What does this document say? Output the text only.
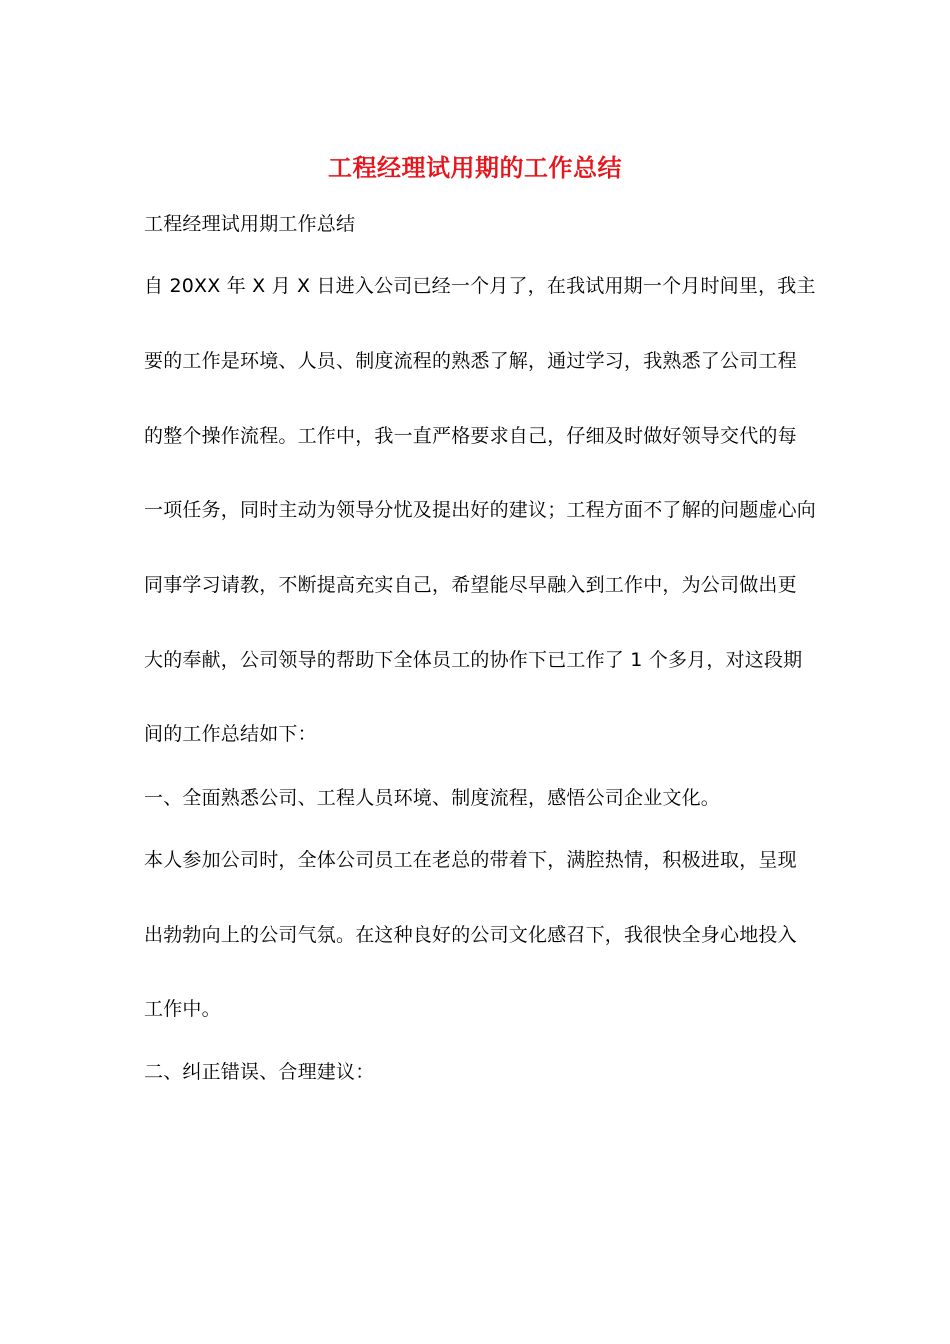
工程经理试用期的工作总结
工程经理试用期工作总结
自 20XX 年 X 月 X 日进入公司已经一个月了，在我试用期一个月时间里，我主
要的工作是环境、人员、制度流程的熟悉了解，通过学习，我熟悉了公司工程
的整个操作流程。工作中，我一直严格要求自己，仔细及时做好领导交代的每
一项任务，同时主动为领导分忧及提出好的建议；工程方面不了解的问题虚心向
同事学习请教，不断提高充实自己，希望能尽早融入到工作中，为公司做出更
大的奉献，公司领导的帮助下全体员工的协作下已工作了 1 个多月，对这段期
间的工作总结如下：
一、全面熟悉公司、工程人员环境、制度流程，感悟公司企业文化。
本人参加公司时，全体公司员工在老总的带着下，满腔热情，积极进取，呈现
出勃勃向上的公司气氛。在这种良好的公司文化感召下，我很快全身心地投入
工作中。
二、纠正错误、合理建议：
